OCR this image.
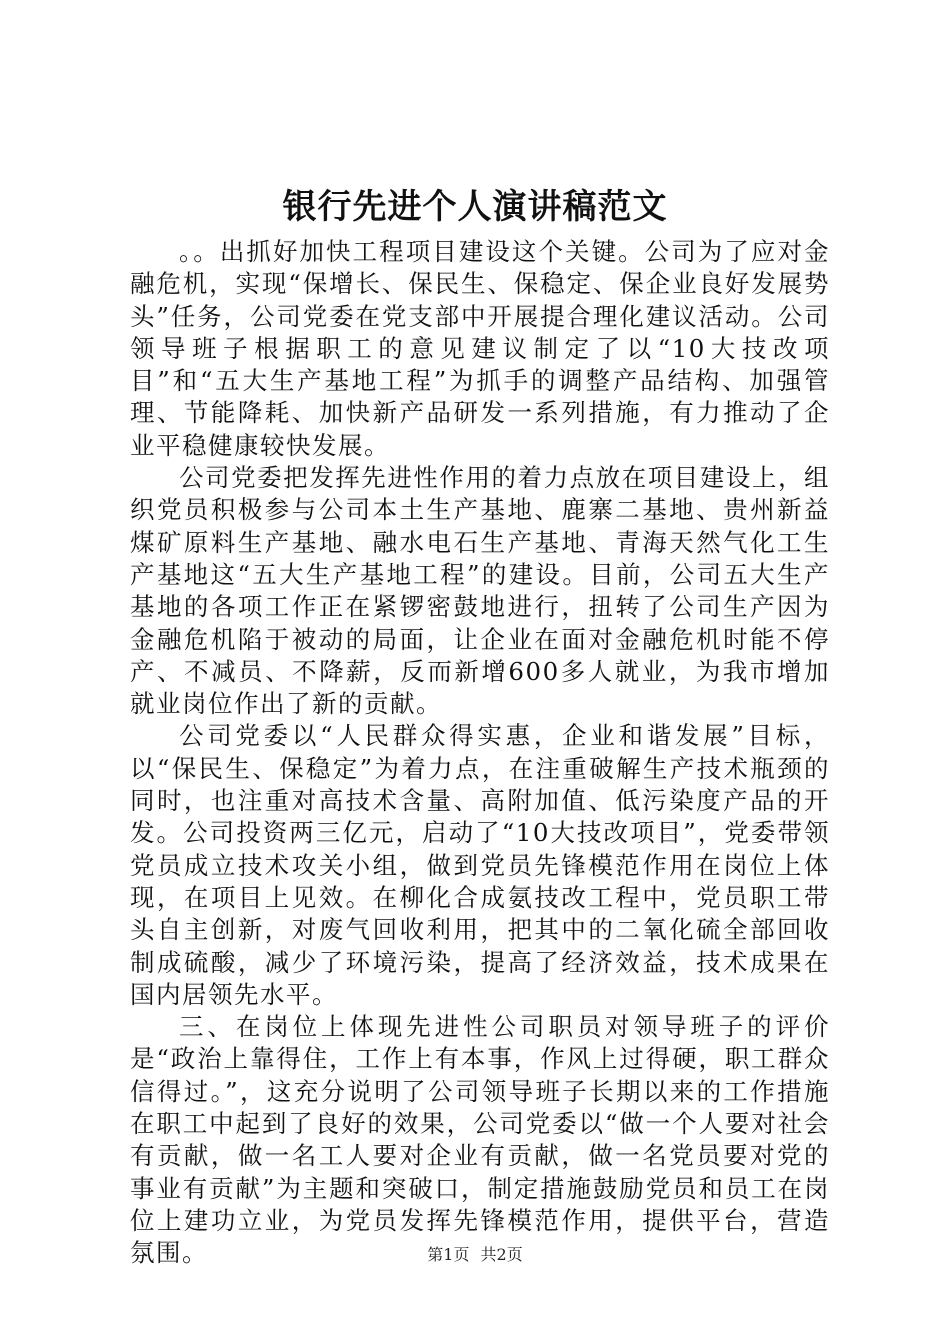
银行先进个人演讲稿范文

。。出抓好加快工程项目建设这个关键。公司为了应对金融危机，实现“保增长、保民生、保稳定、保企业良好发展势头”任务，公司党委在党支部中开展提合理化建议活动。公司领导班子根据职工的意见建议制定了以“10大技改项目”和“五大生产基地工程”为抓手的调整产品结构、加强管理、节能降耗、加快新产品研发一系列措施，有力推动了企业平稳健康较快发展。

公司党委把发挥先进性作用的着力点放在项目建设上，组织党员积极参与公司本土生产基地、鹿寨二基地、贵州新益煤矿原料生产基地、融水电石生产基地、青海天然气化工生产基地这“五大生产基地工程”的建设。目前，公司五大生产基地的各项工作正在紧锣密鼓地进行，扭转了公司生产因为金融危机陷于被动的局面，让企业在面对金融危机时能不停产、不减员、不降薪，反而新增600多人就业，为我市增加就业岗位作出了新的贡献。

公司党委以“人民群众得实惠，企业和谐发展”目标，以“保民生、保稳定”为着力点，在注重破解生产技术瓶颈的同时，也注重对高技术含量、高附加值、低污染度产品的开发。公司投资两三亿元，启动了“10大技改项目”，党委带领党员成立技术攻关小组，做到党员先锋模范作用在岗位上体现，在项目上见效。在柳化合成氨技改工程中，党员职工带头自主创新，对废气回收利用，把其中的二氧化硫全部回收制成硫酸，减少了环境污染，提高了经济效益，技术成果在国内居领先水平。

三、在岗位上体现先进性公司职员对领导班子的评价是“政治上靠得住，工作上有本事，作风上过得硬，职工群众信得过。”，这充分说明了公司领导班子长期以来的工作措施在职工中起到了良好的效果，公司党委以“做一个人要对社会有贡献，做一名工人要对企业有贡献，做一名党员要对党的事业有贡献”为主题和突破口，制定措施鼓励党员和员工在岗位上建功立业，为党员发挥先锋模范作用，提供平台，营造氛围。	第1页 共2页
